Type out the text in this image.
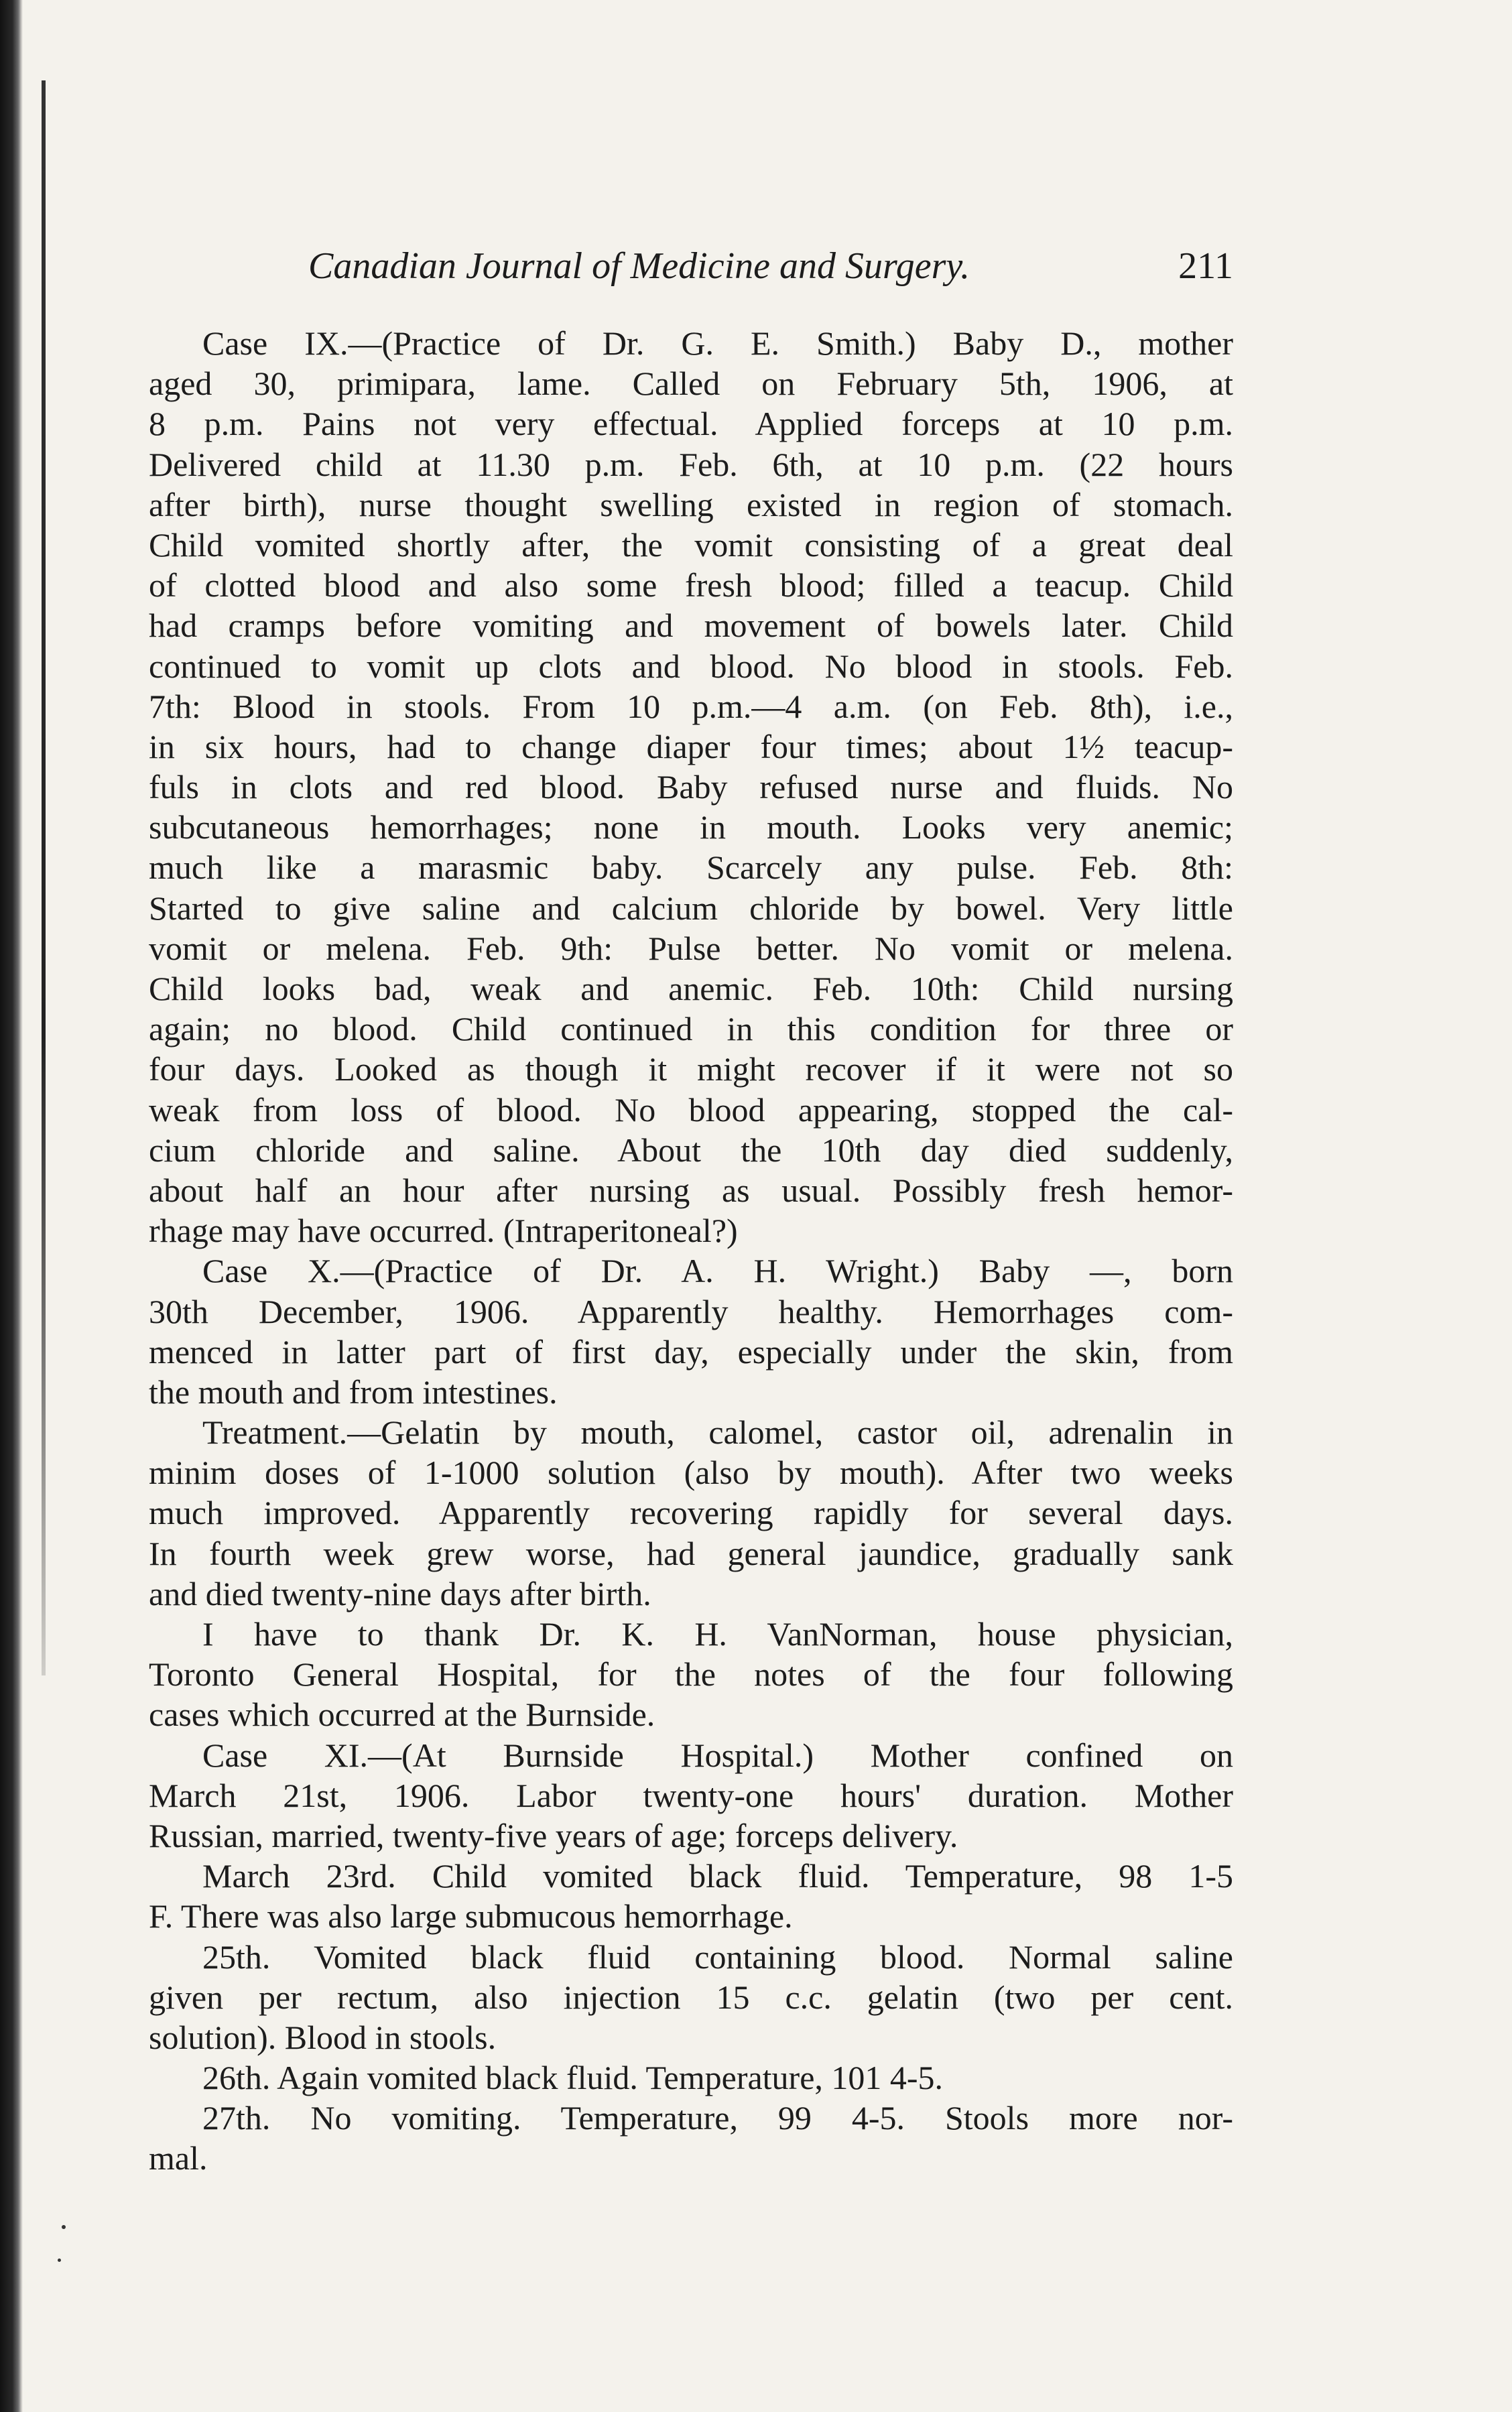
Canadian Journal of Medicine and Surgery.	211
Case IX.—(Practice of Dr. G. E. Smith.) Baby D., mother
aged 30, primipara, lame. Called on February 5th, 1906, at
8 p.m. Pains not very effectual. Applied forceps at 10 p.m.
Delivered child at 11.30 p.m. Feb. 6th, at 10 p.m. (22 hours
after birth), nurse thought swelling existed in region of stomach.
Child vomited shortly after, the vomit consisting of a great deal
of clotted blood and also some fresh blood; filled a teacup. Child
had cramps before vomiting and movement of bowels later. Child
continued to vomit up clots and blood. No blood in stools. Feb.
7th: Blood in stools. From 10 p.m.—4 a.m. (on Feb. 8th), i.e.,
in six hours, had to change diaper four times; about 1½ teacup-
fuls in clots and red blood. Baby refused nurse and fluids. No
subcutaneous hemorrhages; none in mouth. Looks very anemic;
much like a marasmic baby. Scarcely any pulse. Feb. 8th:
Started to give saline and calcium chloride by bowel. Very little
vomit or melena. Feb. 9th: Pulse better. No vomit or melena.
Child looks bad, weak and anemic. Feb. 10th: Child nursing
again; no blood. Child continued in this condition for three or
four days. Looked as though it might recover if it were not so
weak from loss of blood. No blood appearing, stopped the cal-
cium chloride and saline. About the 10th day died suddenly,
about half an hour after nursing as usual. Possibly fresh hemor-
rhage may have occurred. (Intraperitoneal?)
Case X.—(Practice of Dr. A. H. Wright.) Baby —, born
30th December, 1906. Apparently healthy. Hemorrhages com-
menced in latter part of first day, especially under the skin, from
the mouth and from intestines.
Treatment.—Gelatin by mouth, calomel, castor oil, adrenalin in
minim doses of 1-1000 solution (also by mouth). After two weeks
much improved. Apparently recovering rapidly for several days.
In fourth week grew worse, had general jaundice, gradually sank
and died twenty-nine days after birth.
I have to thank Dr. K. H. VanNorman, house physician,
Toronto General Hospital, for the notes of the four following
cases which occurred at the Burnside.
Case XI.—(At Burnside Hospital.) Mother confined on
March 21st, 1906. Labor twenty-one hours' duration. Mother
Russian, married, twenty-five years of age; forceps delivery.
March 23rd. Child vomited black fluid. Temperature, 98 1-5
F. There was also large submucous hemorrhage.
25th. Vomited black fluid containing blood. Normal saline
given per rectum, also injection 15 c.c. gelatin (two per cent.
solution). Blood in stools.
26th. Again vomited black fluid. Temperature, 101 4-5.
27th. No vomiting. Temperature, 99 4-5. Stools more nor-
mal.
